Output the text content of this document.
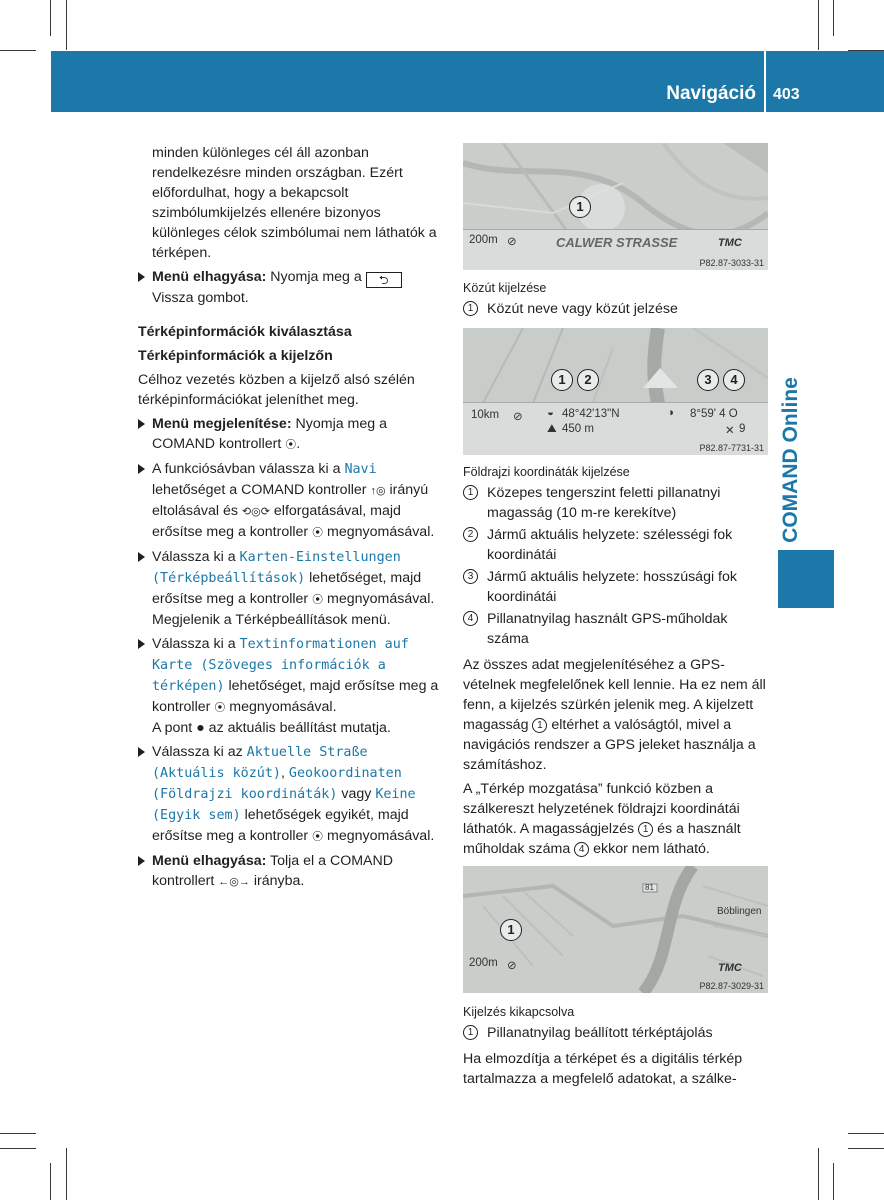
Navigáció 403
COMAND Online

minden különleges cél áll azonban rendelkezésre minden országban. Ezért előfordulhat, hogy a bekapcsolt szimbólumkijelzés ellenére bizonyos különleges célok szimbólumai nem láthatók a térképen.

Menü elhagyása: Nyomja meg a ⮌
Vissza gombot.
Térképinformációk kiválasztása
Térképinformációk a kijelzőn

Célhoz vezetés közben a kijelző alsó szélén térképinformációkat jeleníthet meg.

Menü megjelenítése: Nyomja meg a COMAND kontrollert ⦿.
A funkciósávban válassza ki a Navi lehetőséget a COMAND kontroller ↑◎ irányú eltolásával és ⟲◎⟳ elforgatásával, majd erősítse meg a kontroller ⦿ megnyomásával.
Válassza ki a Karten-Einstellungen (Térképbeállítások) lehetőséget, majd erősítse meg a kontroller ⦿ megnyomásával.
Megjelenik a Térképbeállítások menü.
Válassza ki a Textinformationen auf Karte (Szöveges információk a térképen) lehetőséget, majd erősítse meg a kontroller ⦿ megnyomásával.
A pont ● az aktuális beállítást mutatja.
Válassza ki az Aktuelle Straße (Aktuális közút), Geokoordinaten (Földrajzi koordináták) vagy Keine (Egyik sem) lehetőségek egyikét, majd erősítse meg a kontroller ⦿ megnyomásával.
Menü elhagyása: Tolja el a COMAND kontrollert ←◎→ irányba.
1
200m ⊘	CALWER STRASSE	TMC
P82.87-3033-31
1	2	3	4
10km ⊘ ◒ 48°42'13"N
⛰ 450 m
◑ 8°59' 4 O
✕ 9
P82.87-7731-31
81
Böblingen
1
200m ⊘	TMC
P82.87-3029-31
Közút kijelzése
1 Közút neve vagy közút jelzése
Földrajzi koordináták kijelzése
1 Közepes tengerszint feletti pillanatnyi magasság (10 m-re kerekítve)
2 Jármű aktuális helyzete: szélességi fok koordinátái
3 Jármű aktuális helyzete: hosszúsági fok koordinátái
4 Pillanatnyilag használt GPS-műholdak száma

Az összes adat megjelenítéséhez a GPS-vételnek megfelelőnek kell lennie. Ha ez nem áll fenn, a kijelzés szürkén jelenik meg. A kijelzett magasság 1 eltérhet a valóságtól, mivel a navigációs rendszer a GPS jeleket használja a számításhoz.

A „Térkép mozgatása” funkció közben a szálkereszt helyzetének földrajzi koordinátái láthatók. A magasságjelzés 1 és a használt műholdak száma 4 ekkor nem látható.

Kijelzés kikapcsolva
1 Pillanatnyilag beállított térképtájolás

Ha elmozdítja a térképet és a digitális térkép tartalmazza a megfelelő adatokat, a szálke-
